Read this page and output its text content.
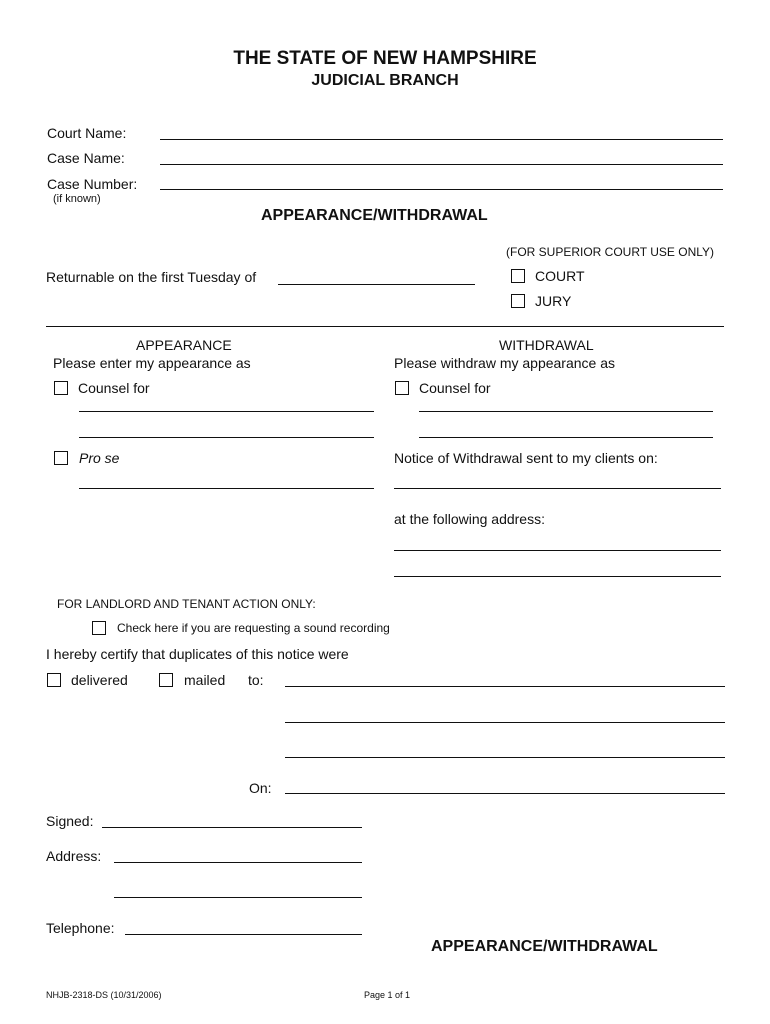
THE STATE OF NEW HAMPSHIRE
JUDICIAL BRANCH
Court Name:
Case Name:
Case Number:
(if known)
APPEARANCE/WITHDRAWAL
(FOR SUPERIOR COURT USE ONLY)
Returnable on the first Tuesday of	COURT
JURY
APPEARANCE
Please enter my appearance as
Counsel for
Pro se
WITHDRAWAL
Please withdraw my appearance as
Counsel for
Notice of Withdrawal sent to my clients on:
at the following address:
FOR LANDLORD AND TENANT ACTION ONLY:
Check here if you are requesting a sound recording
I hereby certify that duplicates of this notice were
delivered	mailed to:
On:
Signed:
Address:
Telephone:
APPEARANCE/WITHDRAWAL
NHJB-2318-DS (10/31/2006)	Page 1 of 1
